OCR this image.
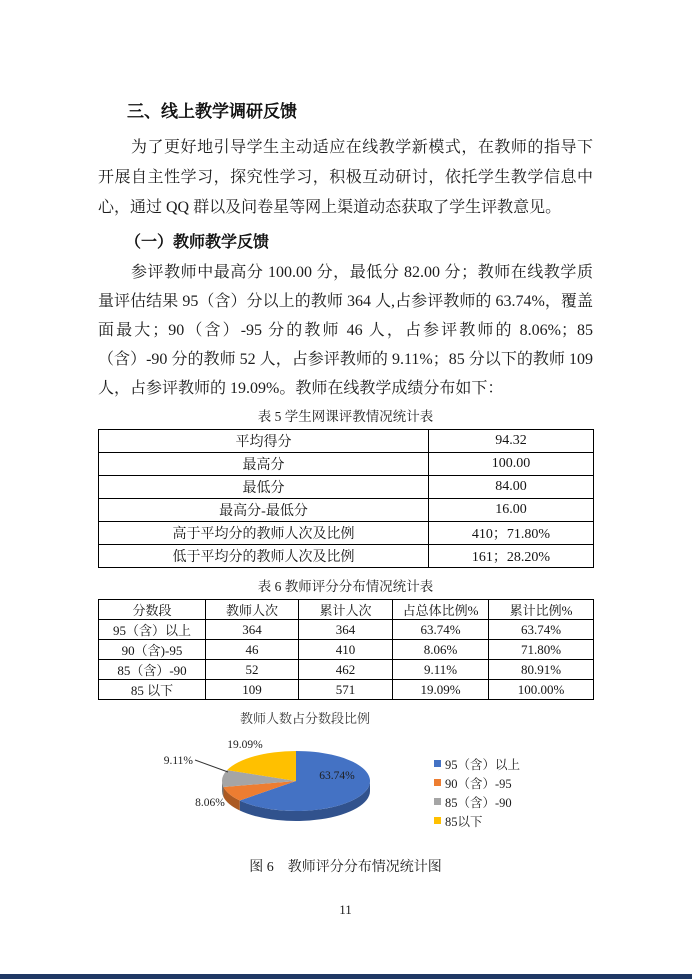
三、线上教学调研反馈

为了更好地引导学生主动适应在线教学新模式，在教师的指导下开展自主性学习，探究性学习，积极互动研讨，依托学生教学信息中心，通过 QQ 群以及问卷星等网上渠道动态获取了学生评教意见。

（一）教师教学反馈

参评教师中最高分 100.00 分，最低分 82.00 分；教师在线教学质量评估结果 95（含）分以上的教师 364 人,占参评教师的 63.74%，覆盖面最大；90（含）-95 分的教师 46 人，占参评教师的 8.06%；85（含）-90 分的教师 52 人，占参评教师的 9.11%；85 分以下的教师 109 人，占参评教师的 19.09%。教师在线教学成绩分布如下：

表 5 学生网课评教情况统计表
平均得分	94.32
最高分	100.00
最低分	84.00
最高分-最低分	16.00
高于平均分的教师人次及比例	410；71.80%
低于平均分的教师人次及比例	161；28.20%
表 6 教师评分分布情况统计表
分数段	教师人次	累计人次	占总体比例%	累计比例%
95（含）以上	364	364	63.74%	63.74%
90（含)-95	46	410	8.06%	71.80%
85（含）-90	52	462	9.11%	80.91%
85 以下	109	571	19.09%	100.00%
教师人数占分数段比例
63.74%
8.06%
9.11%
19.09%
95（含）以上
90（含）-95
85（含）-90
85以下
图 6　教师评分分布情况统计图
11
